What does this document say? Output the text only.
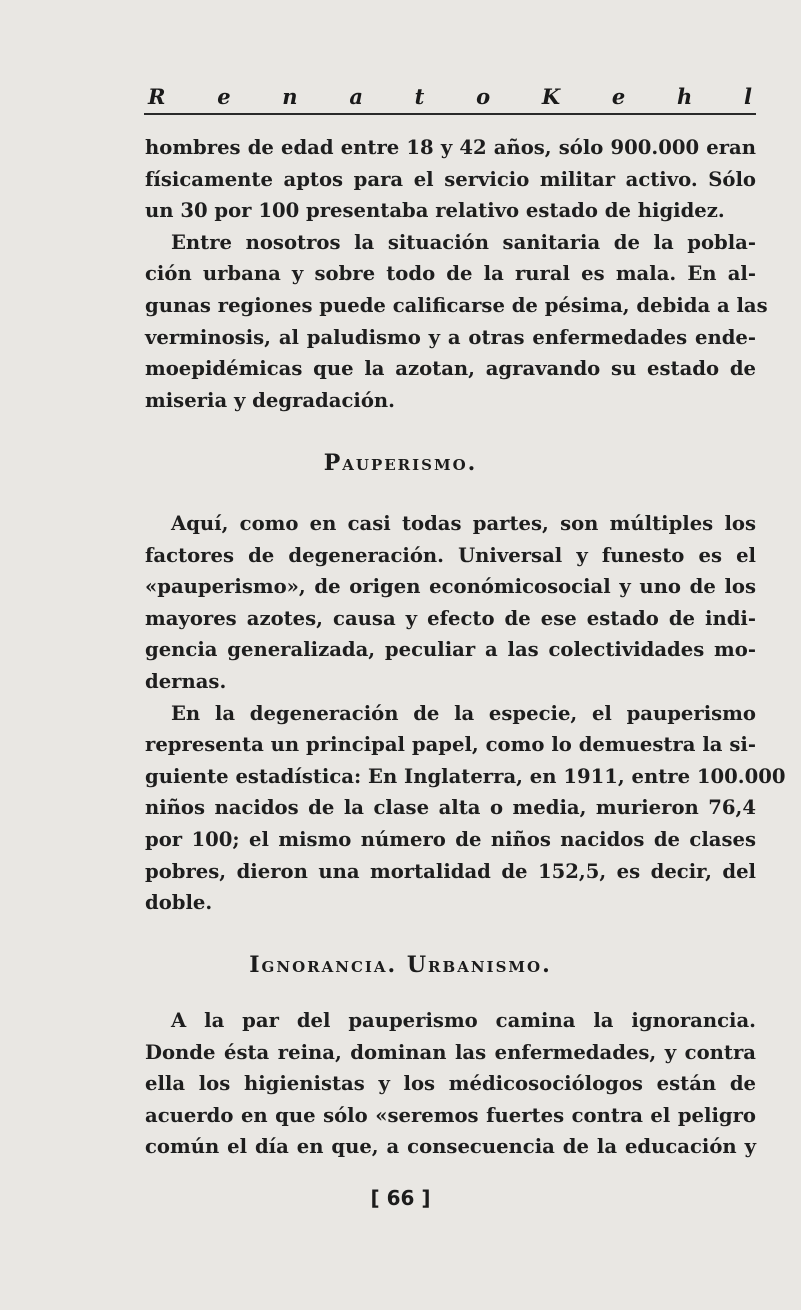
R e n a t o K e h l
hombres de edad entre 18 y 42 años, sólo 900.000 eran
físicamente aptos para el servicio militar activo. Sólo
un 30 por 100 presentaba relativo estado de higidez.
Entre nosotros la situación sanitaria de la pobla-
ción urbana y sobre todo de la rural es mala. En al-
gunas regiones puede calificarse de pésima, debida a las
verminosis, al paludismo y a otras enfermedades ende-
moepidémicas que la azotan, agravando su estado de
miseria y degradación.
Pauperismo.
Aquí, como en casi todas partes, son múltiples los
factores de degeneración. Universal y funesto es el
«pauperismo», de origen económicosocial y uno de los
mayores azotes, causa y efecto de ese estado de indi-
gencia generalizada, peculiar a las colectividades mo-
dernas.
En la degeneración de la especie, el pauperismo
representa un principal papel, como lo demuestra la si-
guiente estadística: En Inglaterra, en 1911, entre 100.000
niños nacidos de la clase alta o media, murieron 76,4
por 100; el mismo número de niños nacidos de clases
pobres, dieron una mortalidad de 152,5, es decir, del
doble.
Ignorancia. Urbanismo.
A la par del pauperismo camina la ignorancia.
Donde ésta reina, dominan las enfermedades, y contra
ella los higienistas y los médicosociólogos están de
acuerdo en que sólo «seremos fuertes contra el peligro
común el día en que, a consecuencia de la educación y
[ 66 ]
